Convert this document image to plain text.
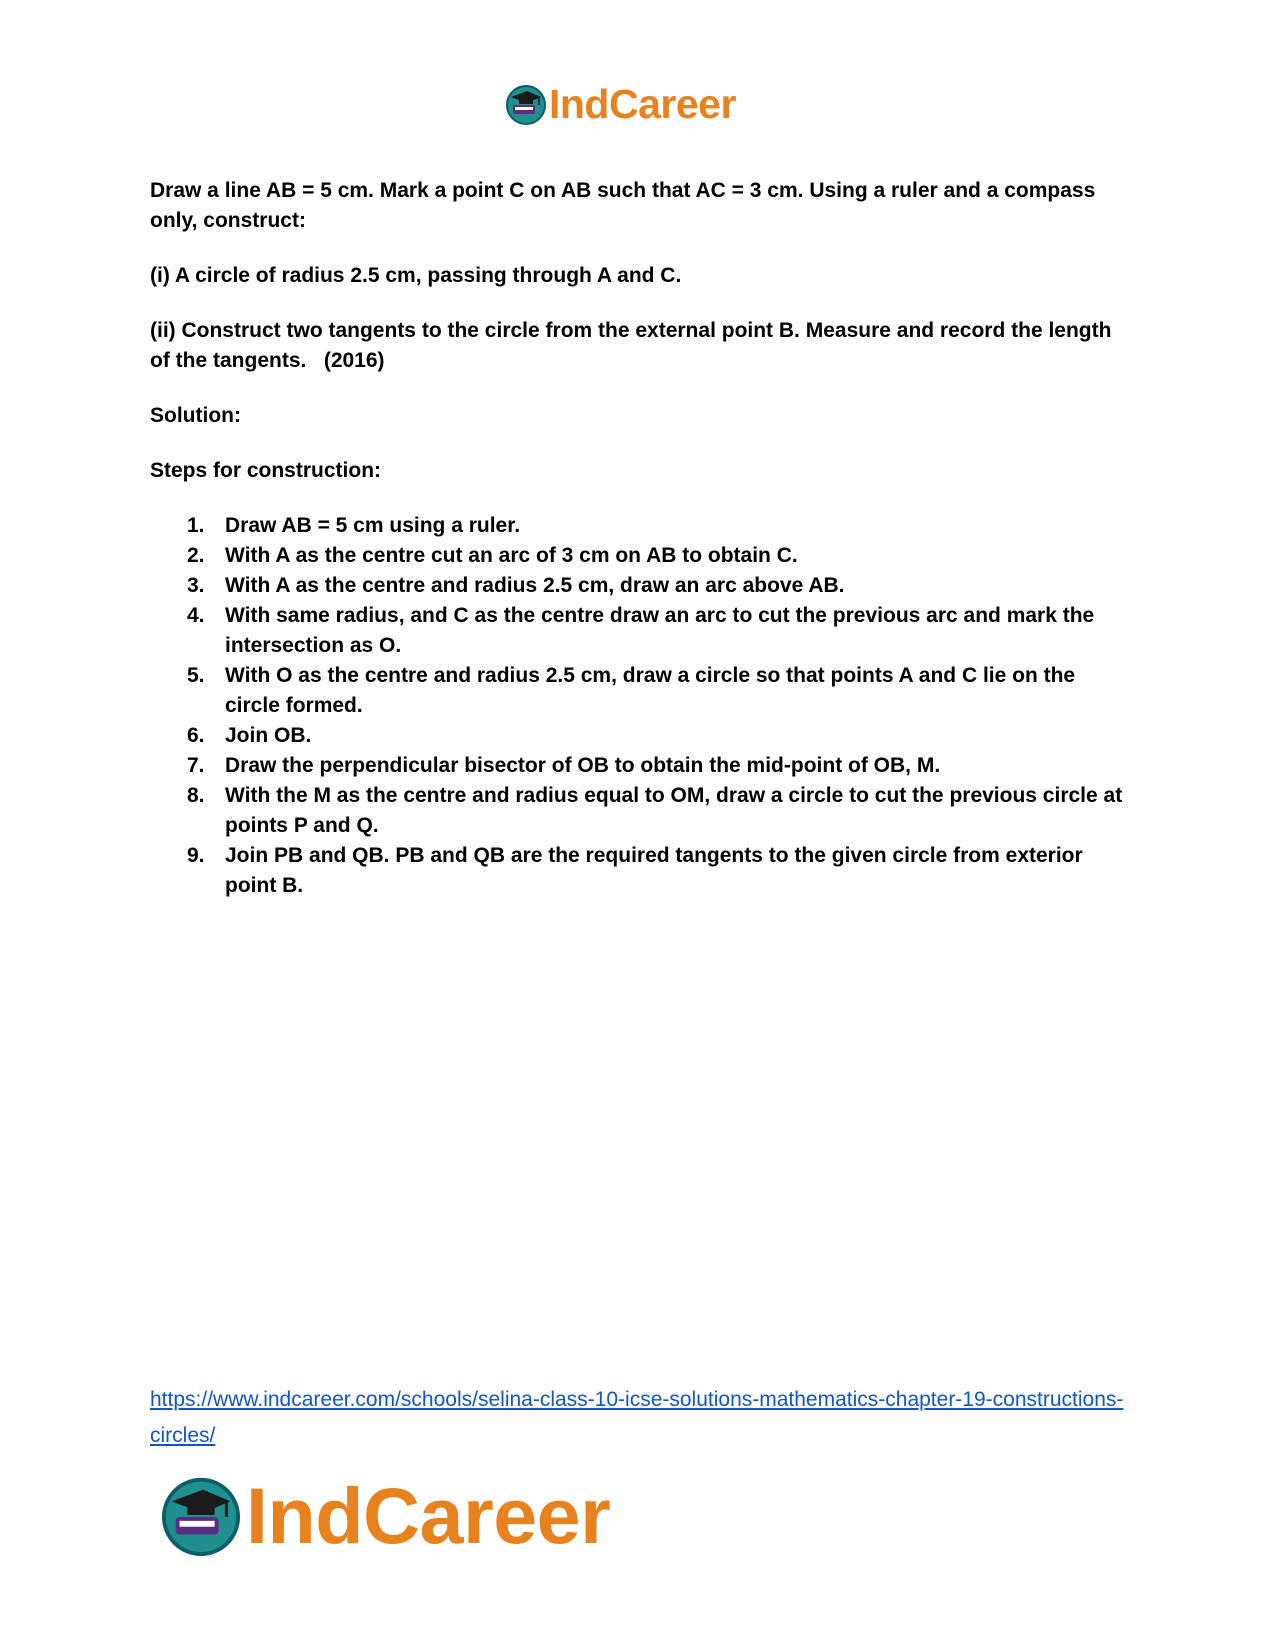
IndCareer

Draw a line AB = 5 cm. Mark a point C on AB such that AC = 3 cm. Using a ruler and a compass only, construct:

(i) A circle of radius 2.5 cm, passing through A and C.

(ii) Construct two tangents to the circle from the external point B. Measure and record the length of the tangents.   (2016)

Solution:

Steps for construction:

1. Draw AB = 5 cm using a ruler.
2. With A as the centre cut an arc of 3 cm on AB to obtain C.
3. With A as the centre and radius 2.5 cm, draw an arc above AB.
4. With same radius, and C as the centre draw an arc to cut the previous arc and mark the intersection as O.
5. With O as the centre and radius 2.5 cm, draw a circle so that points A and C lie on the circle formed.
6. Join OB.
7. Draw the perpendicular bisector of OB to obtain the mid-point of OB, M.
8. With the M as the centre and radius equal to OM, draw a circle to cut the previous circle at points P and Q.
9. Join PB and QB. PB and QB are the required tangents to the given circle from exterior point B.
https://www.indcareer.com/schools/selina-class-10-icse-solutions-mathematics-chapter-19-constructions-circles/
IndCareer
